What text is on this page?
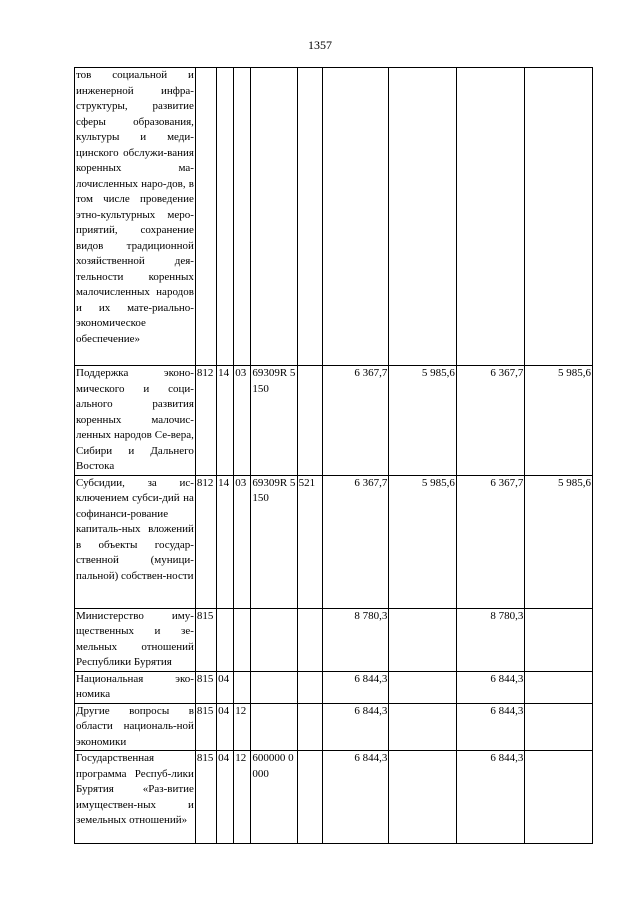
1357
тов социальной и инженерной инфра-структуры, развитие сферы образования, культуры и меди-цинского обслужи-вания коренных ма-лочисленных наро-дов, в том числе проведение этно-культурных меро-приятий, сохранение видов традиционной хозяйственной дея-тельности коренных малочисленных народов и их мате-риально-экономическое обеспечение»									
Поддержка эконо-мического и соци-ального развития коренных малочис-ленных народов Се-вера, Сибири и Дальнего Востока	812	14	03	69309R 5150		6 367,7	5 985,6	6 367,7	5 985,6
Субсидии, за ис-ключением субси-дий на софинанси-рование капиталь-ных вложений в объекты государ-ственной (муници-пальной) собствен-ности	812	14	03	69309R 5150	521	6 367,7	5 985,6	6 367,7	5 985,6
Министерство иму-щественных и зе-мельных отношений Республики Бурятия	815					8 780,3		8 780,3	
Национальная эко-номика	815	04				6 844,3		6 844,3	
Другие вопросы в области националь-ной экономики	815	04	12			6 844,3		6 844,3	
Государственная программа Респуб-лики Бурятия «Раз-витие имуществен-ных и земельных отношений»	815	04	12	600000 0000		6 844,3		6 844,3	
